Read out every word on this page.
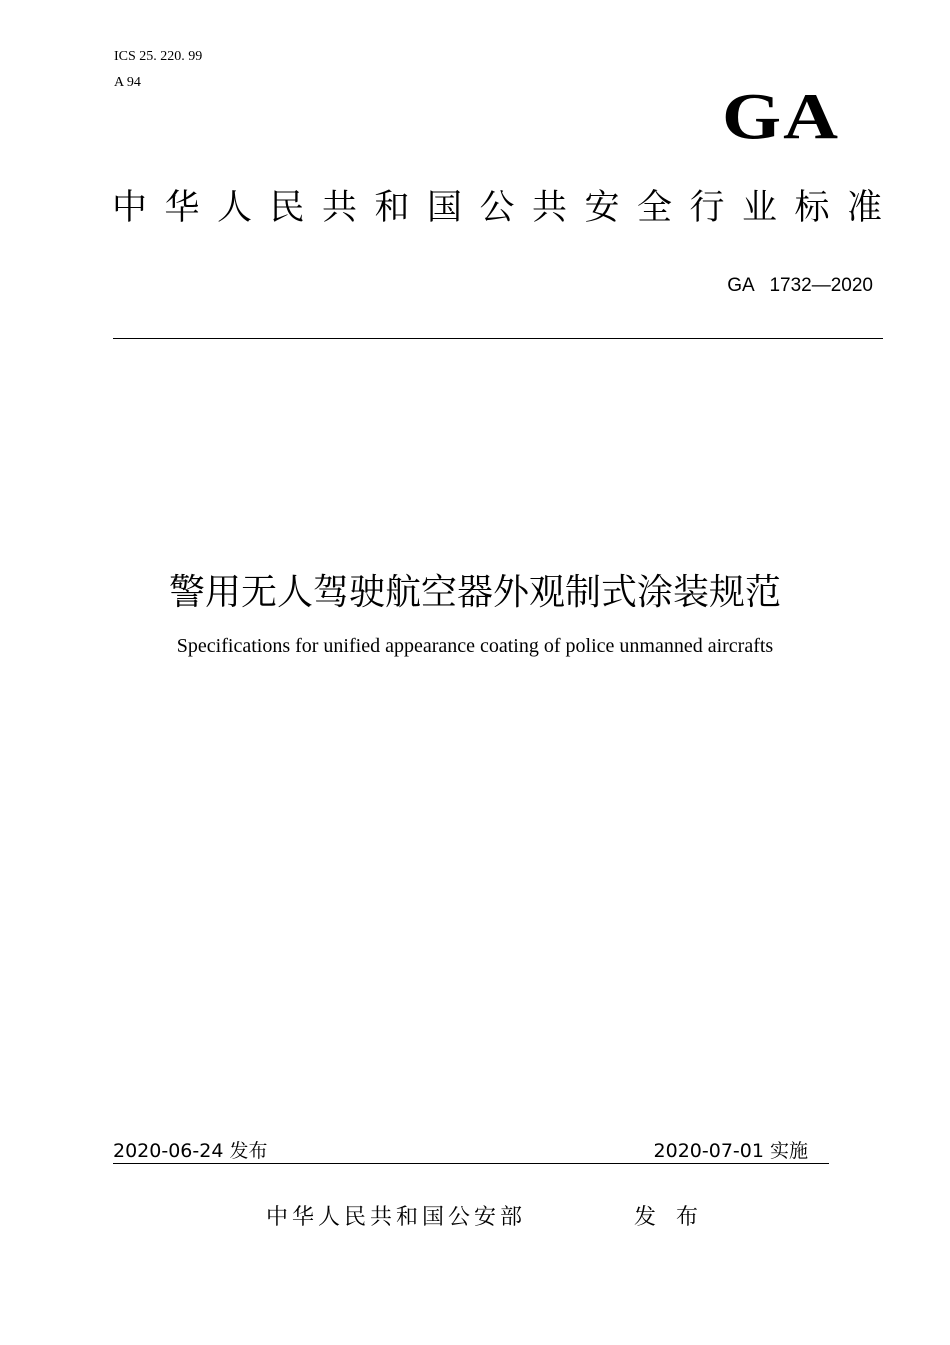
ICS 25. 220. 99
A 94	GA
中华人民共和国公共安全行业标准
GA   1732—2020
警用无人驾驶航空器外观制式涂装规范
Specifications for unified appearance coating of police unmanned aircrafts
2020-06-24 发布	2020-07-01 实施
中华人民共和国公安部	发布
